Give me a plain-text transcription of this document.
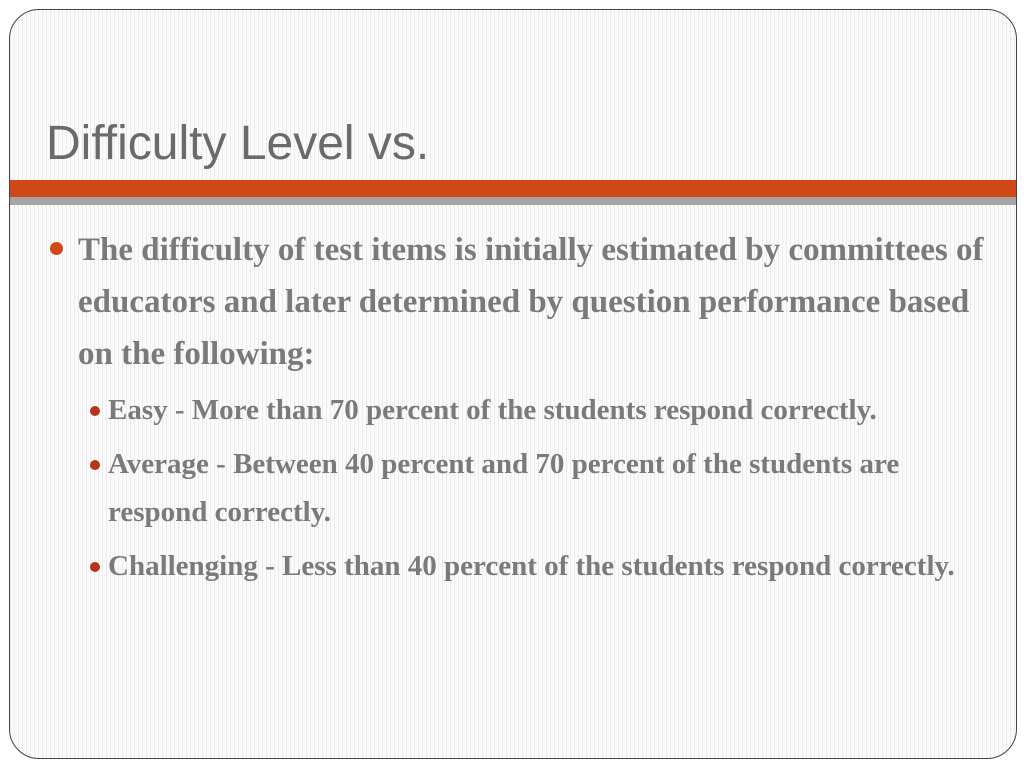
Difficulty Level vs.
The difficulty of test items is initially estimated by committees of educators and later determined by question performance based on the following:
Easy - More than 70 percent of the students respond correctly.
Average - Between 40 percent and 70 percent of the students are respond correctly.
Challenging - Less than 40 percent of the students respond correctly.
